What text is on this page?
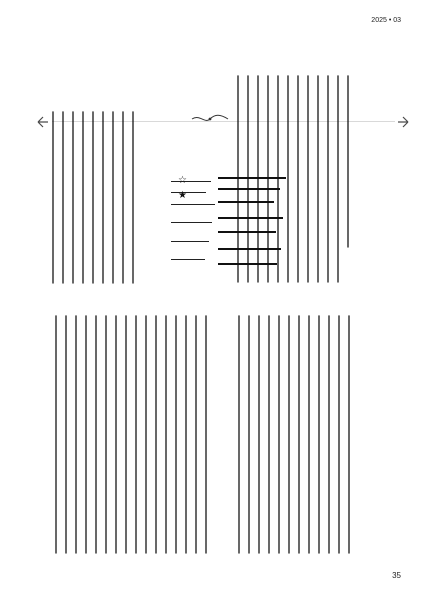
2025 • 03
35
☆
★
